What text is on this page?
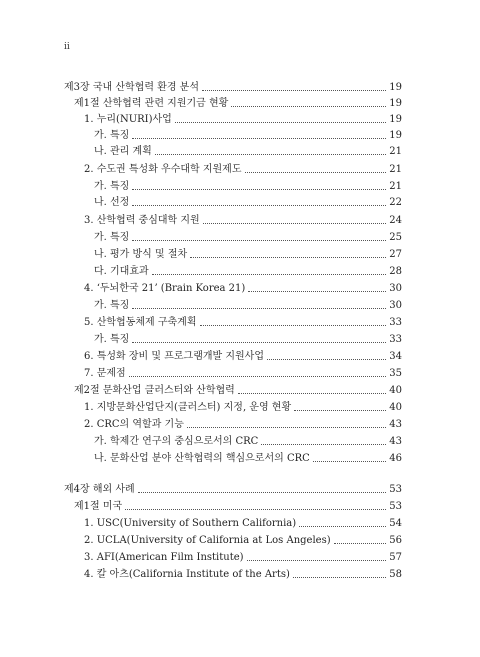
ii
제3장 국내 산학협력 환경 분석	19
제1절 산학협력 관련 지원기금 현황	19
1. 누리(NURI)사업	19
가. 특징	19
나. 관리 계획	21
2. 수도권 특성화 우수대학 지원제도	21
가. 특징	21
나. 선정	22
3. 산학협력 중심대학 지원	24
가. 특징	25
나. 평가 방식 및 절차	27
다. 기대효과	28
4. ‘두뇌한국 21’ (Brain Korea 21)	30
가. 특징	30
5. 산학협동체제 구축계획	33
가. 특징	33
6. 특성화 장비 및 프로그램개발 지원사업	34
7. 문제점	35
제2절 문화산업 클러스터와 산학협력	40
1. 지방문화산업단지(클러스터) 지정, 운영 현황	40
2. CRC의 역할과 기능	43
가. 학제간 연구의 중심으로서의 CRC	43
나. 문화산업 분야 산학협력의 핵심으로서의 CRC	46
제4장 해외 사례	53
제1절 미국	53
1. USC(University of Southern California)	54
2. UCLA(University of California at Los Angeles)	56
3. AFI(American Film Institute)	57
4. 칼 아츠(California Institute of the Arts)	58
